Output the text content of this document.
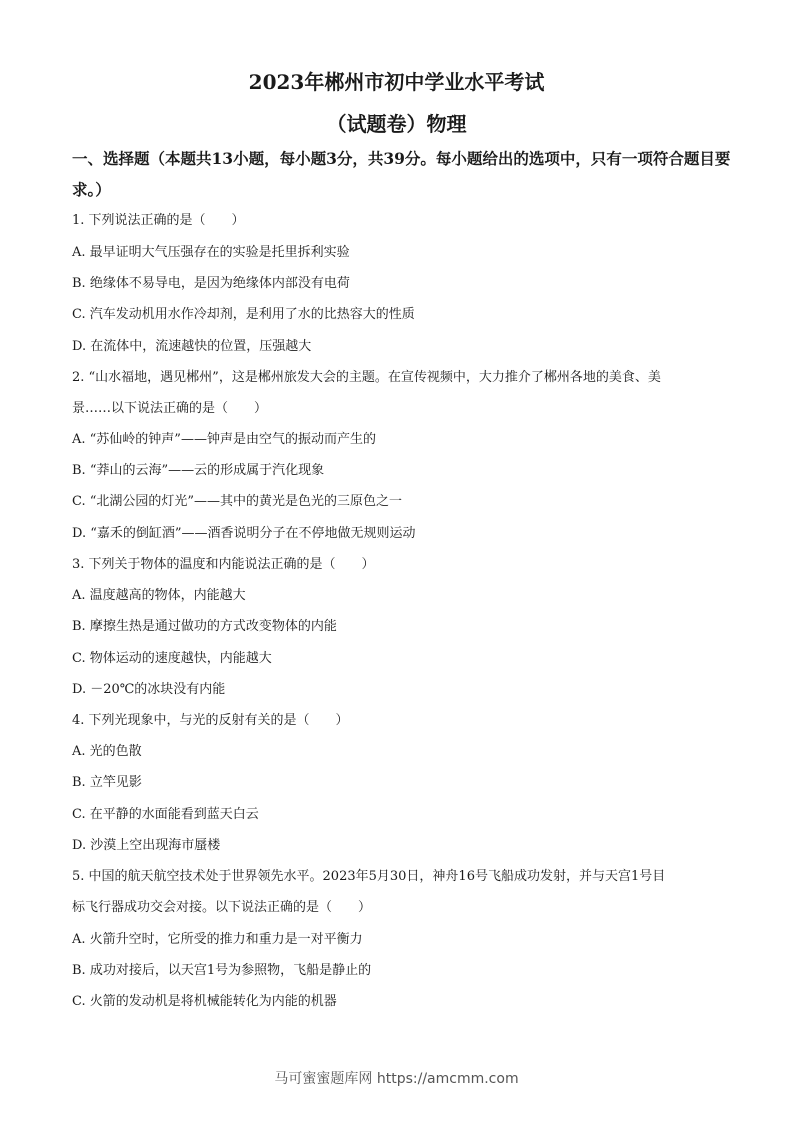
2023年郴州市初中学业水平考试
（试题卷）物理
一、选择题（本题共13小题，每小题3分，共39分。每小题给出的选项中，只有一项符合题目要求。）

1. 下列说法正确的是（　　）

A. 最早证明大气压强存在的实验是托里拆利实验

B. 绝缘体不易导电，是因为绝缘体内部没有电荷

C. 汽车发动机用水作冷却剂，是利用了水的比热容大的性质

D. 在流体中，流速越快的位置，压强越大

2. “山水福地，遇见郴州”，这是郴州旅发大会的主题。在宣传视频中，大力推介了郴州各地的美食、美

景……以下说法正确的是（　　）

A. “苏仙岭的钟声”——钟声是由空气的振动而产生的

B. “莽山的云海”——云的形成属于汽化现象

C. “北湖公园的灯光”——其中的黄光是色光的三原色之一

D. “嘉禾的倒缸酒”——酒香说明分子在不停地做无规则运动

3. 下列关于物体的温度和内能说法正确的是（　　）

A. 温度越高的物体，内能越大

B. 摩擦生热是通过做功的方式改变物体的内能

C. 物体运动的速度越快，内能越大

D. －20℃的冰块没有内能

4. 下列光现象中，与光的反射有关的是（　　）

A. 光的色散

B. 立竿见影

C. 在平静的水面能看到蓝天白云

D. 沙漠上空出现海市蜃楼

5. 中国的航天航空技术处于世界领先水平。2023年5月30日，神舟16号飞船成功发射，并与天宫1号目

标飞行器成功交会对接。以下说法正确的是（　　）

A. 火箭升空时，它所受的推力和重力是一对平衡力

B. 成功对接后，以天宫1号为参照物，飞船是静止的

C. 火箭的发动机是将机械能转化为内能的机器

马可蜜蜜题库网 https://amcmm.com
